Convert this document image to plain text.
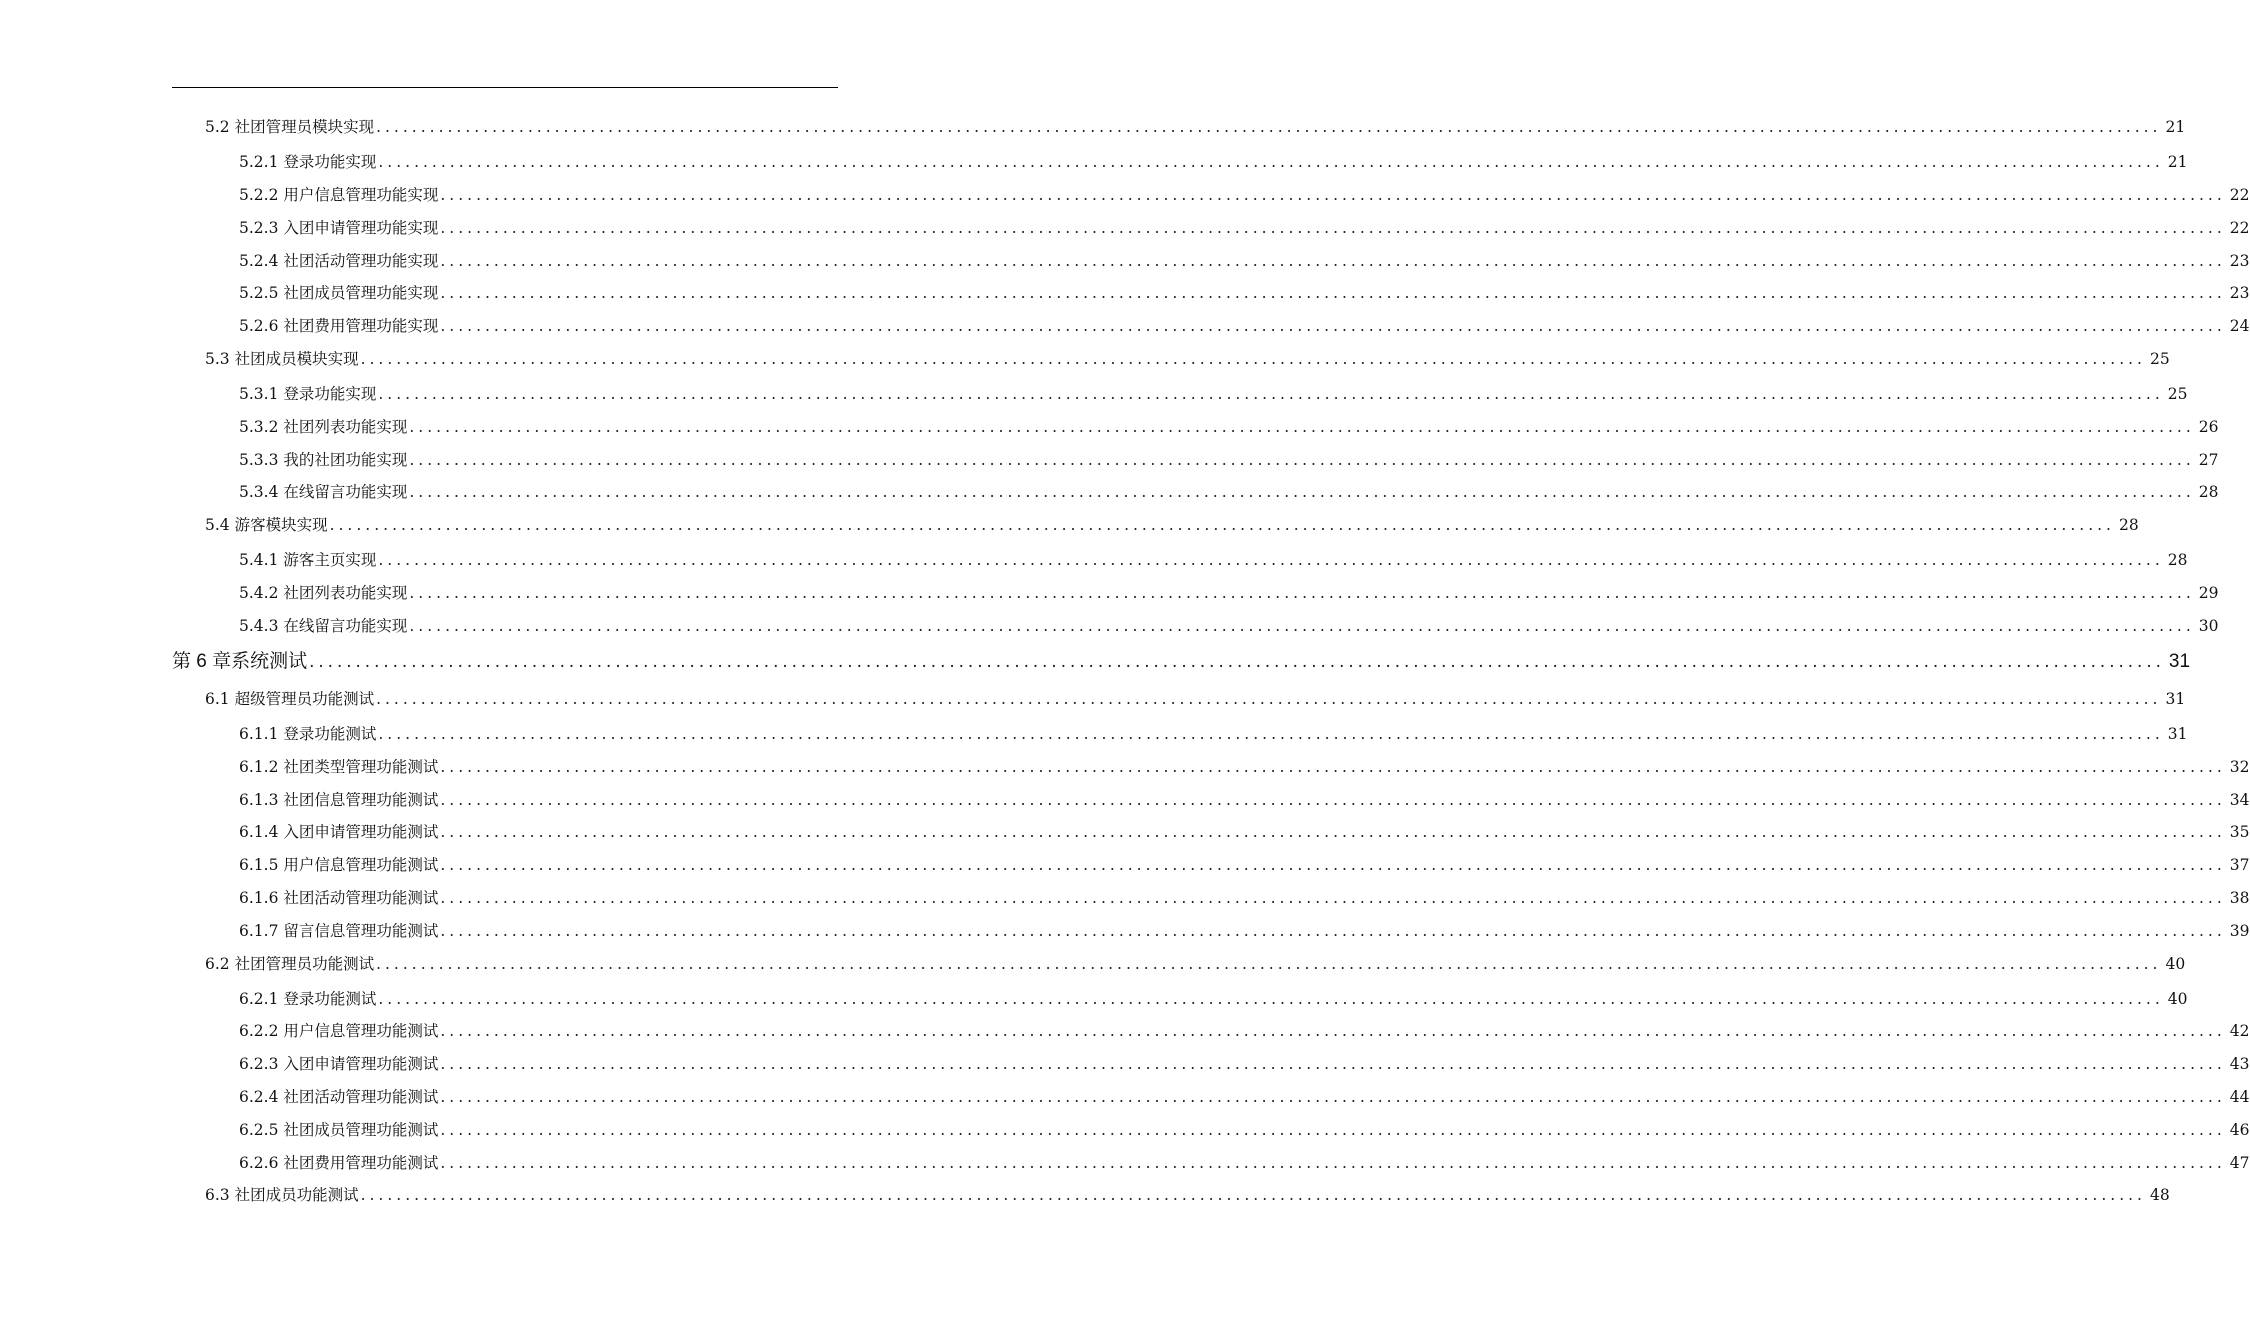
5.2 社团管理员模块实现 ........................................................................................................................................................................................................ 21
5.2.1 登录功能实现 ........................................................................................................................................................................................................ 21
5.2.2 用户信息管理功能实现 ........................................................................................................................................................................................................ 22
5.2.3 入团申请管理功能实现 ........................................................................................................................................................................................................ 22
5.2.4 社团活动管理功能实现 ........................................................................................................................................................................................................ 23
5.2.5 社团成员管理功能实现 ........................................................................................................................................................................................................ 23
5.2.6 社团费用管理功能实现 ........................................................................................................................................................................................................ 24
5.3 社团成员模块实现 ........................................................................................................................................................................................................ 25
5.3.1 登录功能实现 ........................................................................................................................................................................................................ 25
5.3.2 社团列表功能实现 ........................................................................................................................................................................................................ 26
5.3.3 我的社团功能实现 ........................................................................................................................................................................................................ 27
5.3.4 在线留言功能实现 ........................................................................................................................................................................................................ 28
5.4 游客模块实现 ........................................................................................................................................................................................................ 28
5.4.1 游客主页实现 ........................................................................................................................................................................................................ 28
5.4.2 社团列表功能实现 ........................................................................................................................................................................................................ 29
5.4.3 在线留言功能实现 ........................................................................................................................................................................................................ 30
第 6 章系统测试 ........................................................................................................................................................................................................ 31
6.1 超级管理员功能测试 ........................................................................................................................................................................................................ 31
6.1.1 登录功能测试 ........................................................................................................................................................................................................ 31
6.1.2 社团类型管理功能测试 ........................................................................................................................................................................................................ 32
6.1.3 社团信息管理功能测试 ........................................................................................................................................................................................................ 34
6.1.4 入团申请管理功能测试 ........................................................................................................................................................................................................ 35
6.1.5 用户信息管理功能测试 ........................................................................................................................................................................................................ 37
6.1.6 社团活动管理功能测试 ........................................................................................................................................................................................................ 38
6.1.7 留言信息管理功能测试 ........................................................................................................................................................................................................ 39
6.2 社团管理员功能测试 ........................................................................................................................................................................................................ 40
6.2.1 登录功能测试 ........................................................................................................................................................................................................ 40
6.2.2 用户信息管理功能测试 ........................................................................................................................................................................................................ 42
6.2.3 入团申请管理功能测试 ........................................................................................................................................................................................................ 43
6.2.4 社团活动管理功能测试 ........................................................................................................................................................................................................ 44
6.2.5 社团成员管理功能测试 ........................................................................................................................................................................................................ 46
6.2.6 社团费用管理功能测试 ........................................................................................................................................................................................................ 47
6.3 社团成员功能测试 ........................................................................................................................................................................................................ 48
